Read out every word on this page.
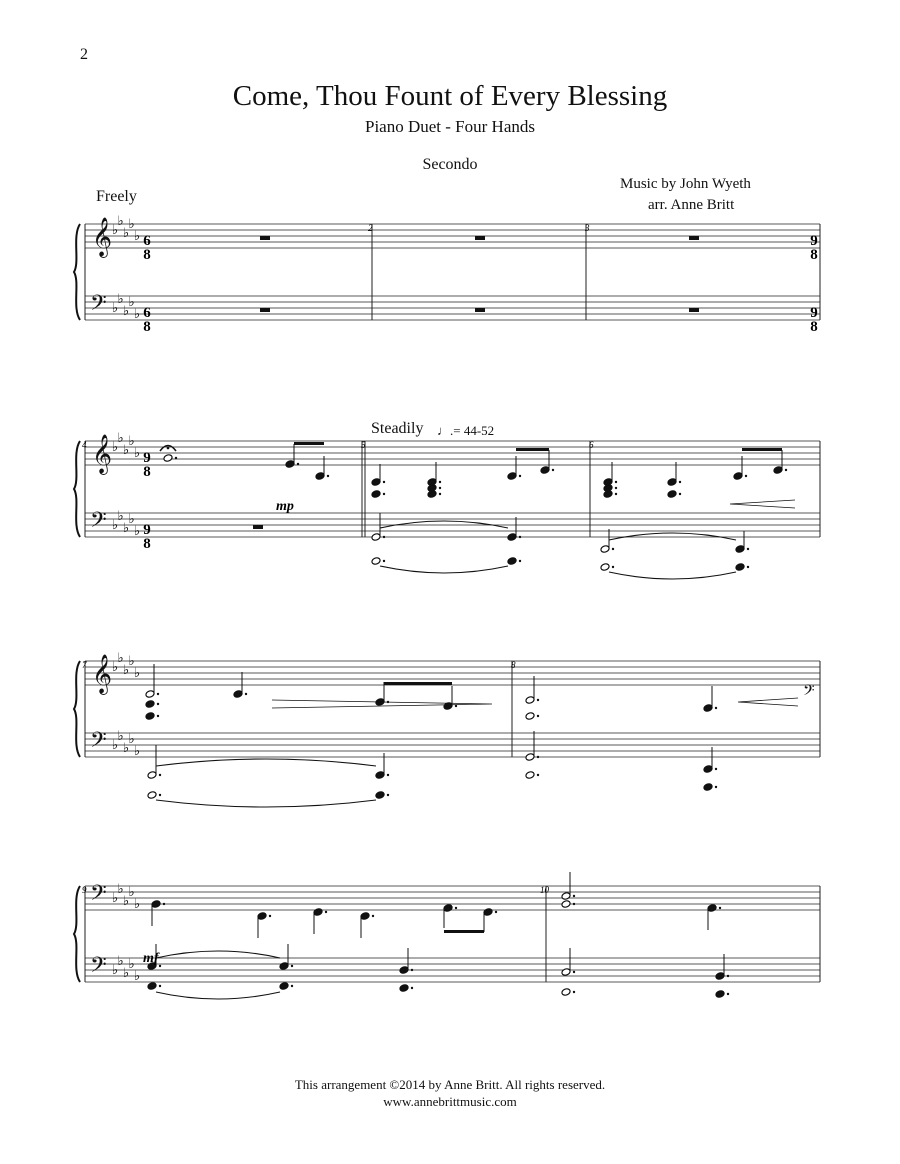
2
Come, Thou Fount of Every Blessing
Piano Duet - Four Hands
Secondo
Music by John Wyeth
arr. Anne Britt
Freely
Steadily ♩.= 44-52
𝄞 ♭
♭
♭
♭
♭
𝄢 ♭
♭
♭
♭
♭
𝄞 ♭
♭
♭
♭
♭
𝄢 ♭
♭
♭
♭
♭
𝄞 ♭
♭
♭
♭
♭
𝄢 ♭
♭
♭
♭
♭
𝄢 ♭
♭
♭
♭
♭
𝄢 ♭
♭
♭
♭
♭
𝄢
2	3
4	5	6
7	8
9	10
mp
mf
6
8
6
8
9
8
9
8
9
8
9
8
This arrangement ©2014 by Anne Britt. All rights reserved.
www.annebrittmusic.com
